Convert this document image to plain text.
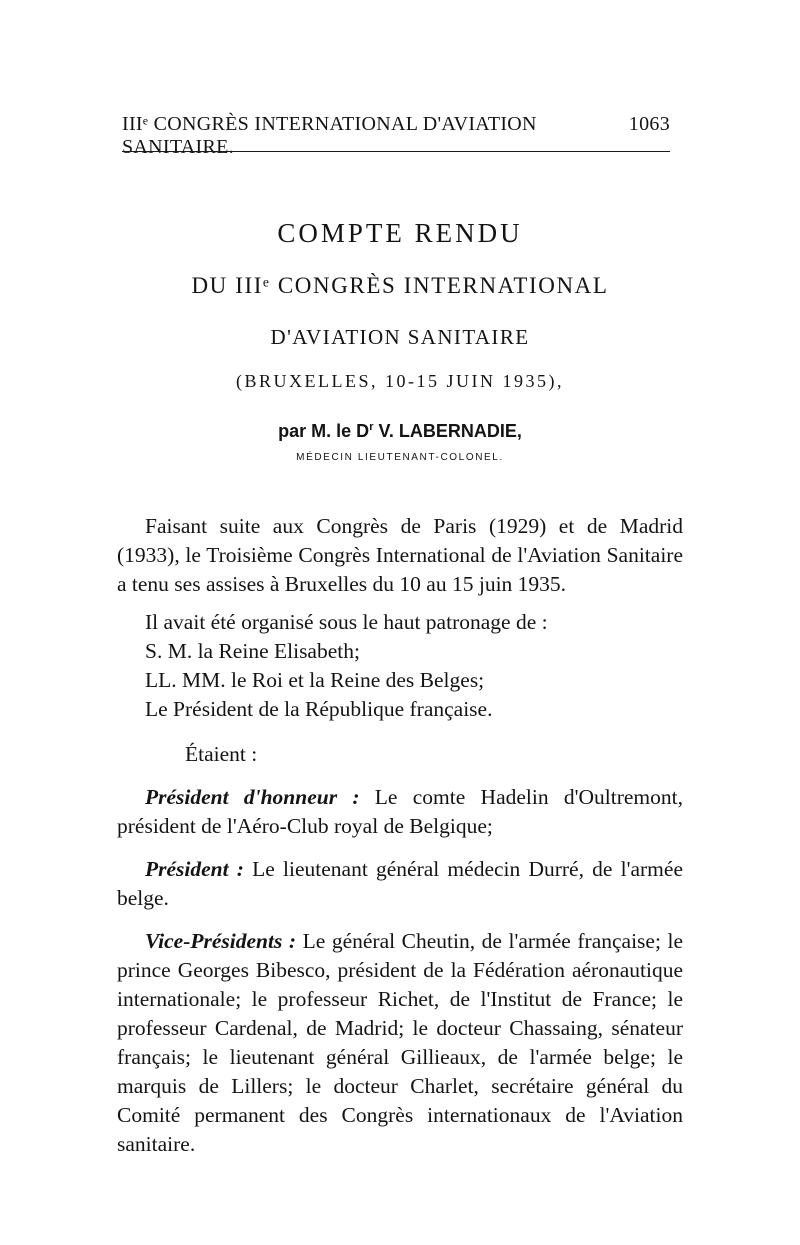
IIIᵉ CONGRÈS INTERNATIONAL D'AVIATION SANITAIRE.
1063
COMPTE RENDU
DU IIIᵉ CONGRÈS INTERNATIONAL
D'AVIATION SANITAIRE
(BRUXELLES, 10-15 JUIN 1935),
par M. le $D^r$ V. LABERNADIE,
MÉDECIN LIEUTENANT-COLONEL.

Faisant suite aux Congrès de Paris (1929) et de Madrid (1933), le Troisième Congrès International de l'Aviation Sanitaire a tenu ses assises à Bruxelles du 10 au 15 juin 1935.

Il avait été organisé sous le haut patronage de :

S. M. la Reine Elisabeth;

LL. MM. le Roi et la Reine des Belges;

Le Président de la République française.

Étaient :

Président d'honneur : Le comte Hadelin d'Oultremont, président de l'Aéro-Club royal de Belgique;

Président : Le lieutenant général médecin Durré, de l'armée belge.

Vice-Présidents : Le général Cheutin, de l'armée française; le prince Georges Bibesco, président de la Fédération aéronautique internationale; le professeur Richet, de l'Institut de France; le professeur Cardenal, de Madrid; le docteur Chassaing, sénateur français; le lieutenant général Gillieaux, de l'armée belge; le marquis de Lillers; le docteur Charlet, secrétaire général du Comité permanent des Congrès internationaux de l'Aviation sanitaire.
